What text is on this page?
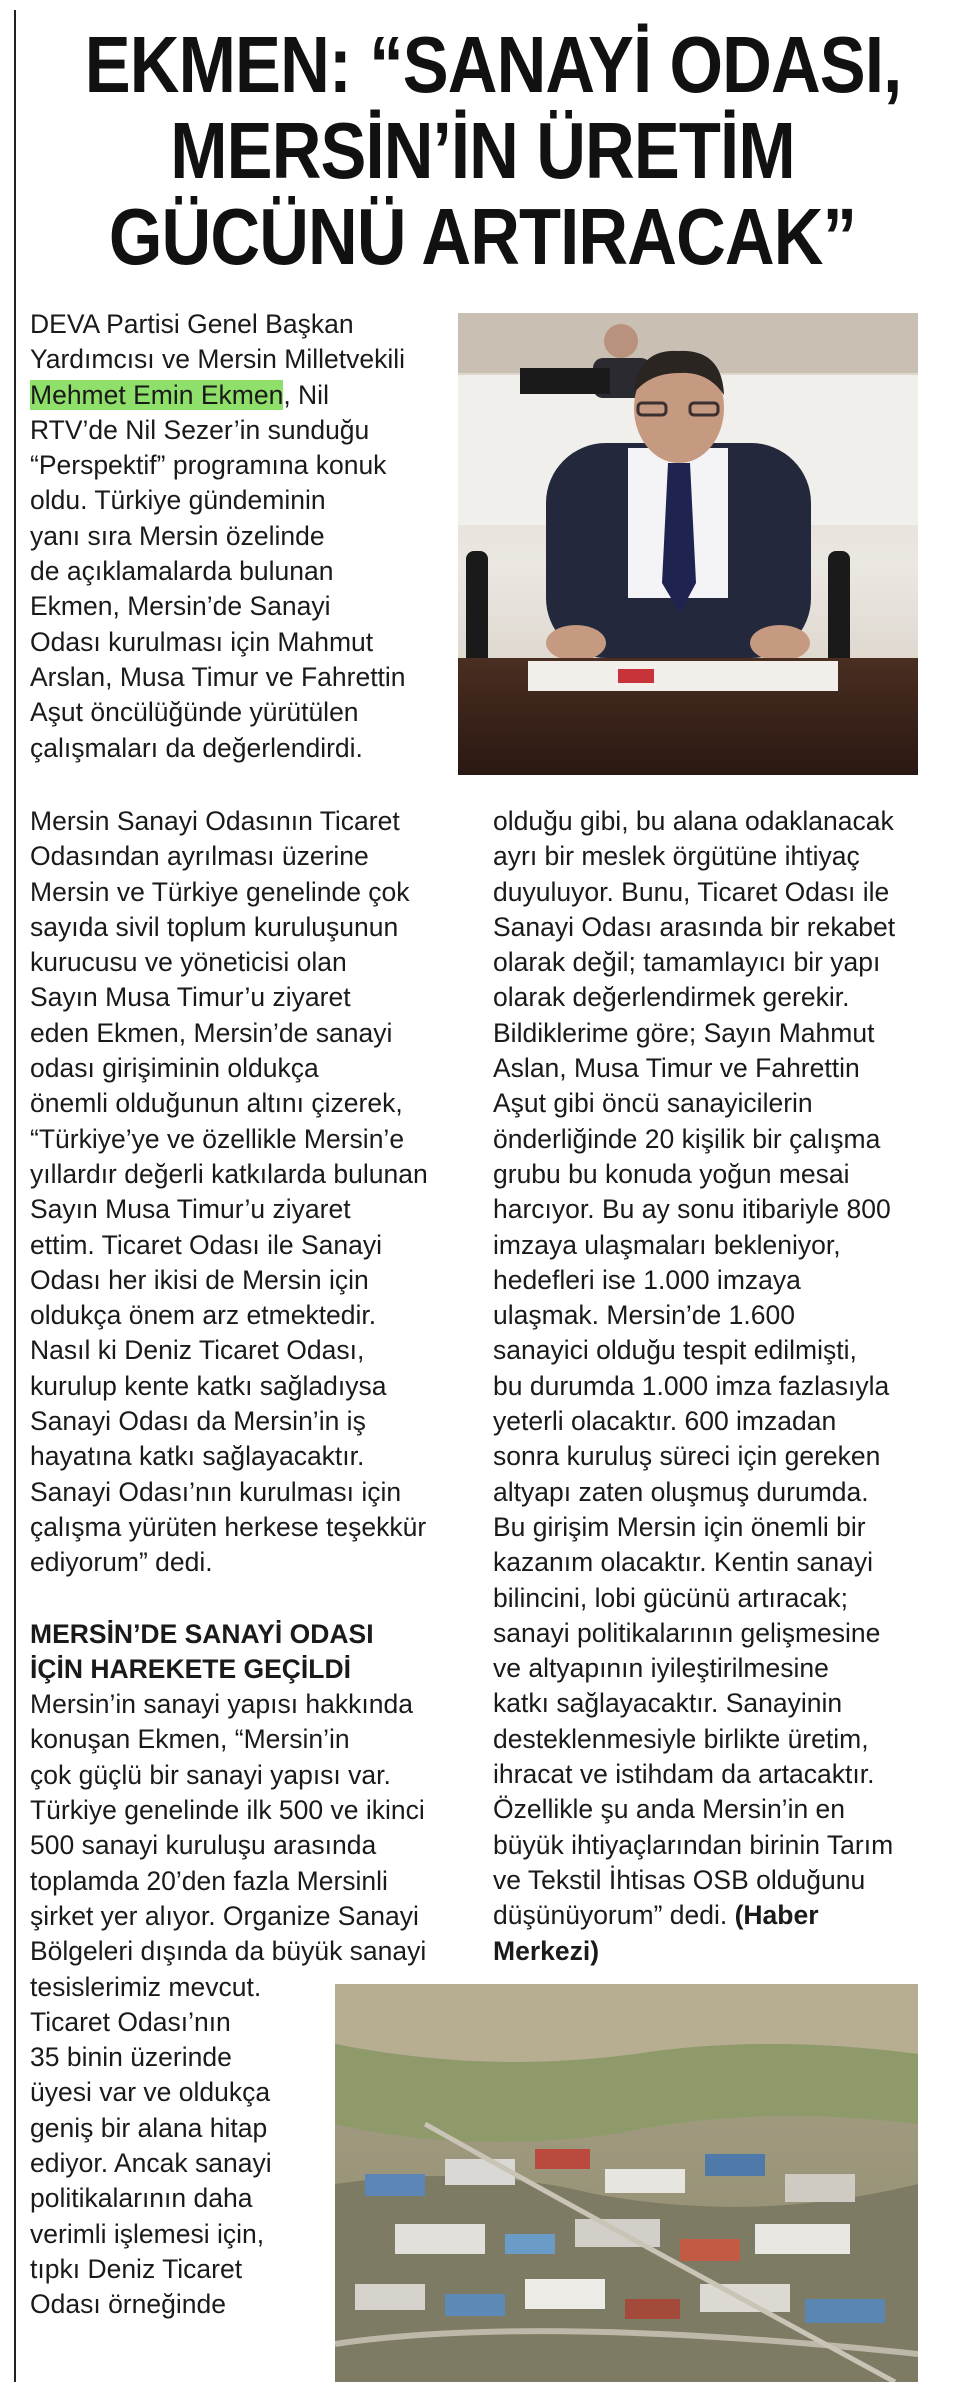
EKMEN: “SANAYİ ODASI,
MERSİN’İN ÜRETİM
GÜCÜNÜ ARTIRACAK”

DEVA Partisi Genel Başkan
Yardımcısı ve Mersin Milletvekili
Mehmet Emin Ekmen, Nil
RTV’de Nil Sezer’in sunduğu
“Perspektif” programına konuk
oldu. Türkiye gündeminin
yanı sıra Mersin özelinde
de açıklamalarda bulunan
Ekmen, Mersin’de Sanayi
Odası kurulması için Mahmut
Arslan, Musa Timur ve Fahrettin
Aşut öncülüğünde yürütülen
çalışmaları da değerlendirdi.

Mersin Sanayi Odasının Ticaret
Odasından ayrılması üzerine
Mersin ve Türkiye genelinde çok
sayıda sivil toplum kuruluşunun
kurucusu ve yöneticisi olan
Sayın Musa Timur’u ziyaret
eden Ekmen, Mersin’de sanayi
odası girişiminin oldukça
önemli olduğunun altını çizerek,
“Türkiye’ye ve özellikle Mersin’e
yıllardır değerli katkılarda bulunan
Sayın Musa Timur’u ziyaret
ettim. Ticaret Odası ile Sanayi
Odası her ikisi de Mersin için
oldukça önem arz etmektedir.
Nasıl ki Deniz Ticaret Odası,
kurulup kente katkı sağladıysa
Sanayi Odası da Mersin’in iş
hayatına katkı sağlayacaktır.
Sanayi Odası’nın kurulması için
çalışma yürüten herkese teşekkür
ediyorum” dedi.

MERSİN’DE SANAYİ ODASI
İÇİN HAREKETE GEÇİLDİ

Mersin’in sanayi yapısı hakkında
konuşan Ekmen, “Mersin’in
çok güçlü bir sanayi yapısı var.
Türkiye genelinde ilk 500 ve ikinci
500 sanayi kuruluşu arasında
toplamda 20’den fazla Mersinli
şirket yer alıyor. Organize Sanayi
Bölgeleri dışında da büyük sanayi
tesislerimiz mevcut.

Ticaret Odası’nın
35 binin üzerinde
üyesi var ve oldukça
geniş bir alana hitap
ediyor. Ancak sanayi
politikalarının daha
verimli işlemesi için,
tıpkı Deniz Ticaret
Odası örneğinde

olduğu gibi, bu alana odaklanacak
ayrı bir meslek örgütüne ihtiyaç
duyuluyor. Bunu, Ticaret Odası ile
Sanayi Odası arasında bir rekabet
olarak değil; tamamlayıcı bir yapı
olarak değerlendirmek gerekir.
Bildiklerime göre; Sayın Mahmut
Aslan, Musa Timur ve Fahrettin
Aşut gibi öncü sanayicilerin
önderliğinde 20 kişilik bir çalışma
grubu bu konuda yoğun mesai
harcıyor. Bu ay sonu itibariyle 800
imzaya ulaşmaları bekleniyor,
hedefleri ise 1.000 imzaya
ulaşmak. Mersin’de 1.600
sanayici olduğu tespit edilmişti,
bu durumda 1.000 imza fazlasıyla
yeterli olacaktır. 600 imzadan
sonra kuruluş süreci için gereken
altyapı zaten oluşmuş durumda.
Bu girişim Mersin için önemli bir
kazanım olacaktır. Kentin sanayi
bilincini, lobi gücünü artıracak;
sanayi politikalarının gelişmesine
ve altyapının iyileştirilmesine
katkı sağlayacaktır. Sanayinin
desteklenmesiyle birlikte üretim,
ihracat ve istihdam da artacaktır.
Özellikle şu anda Mersin’in en
büyük ihtiyaçlarından birinin Tarım
ve Tekstil İhtisas OSB olduğunu
düşünüyorum” dedi. (Haber
Merkezi)
